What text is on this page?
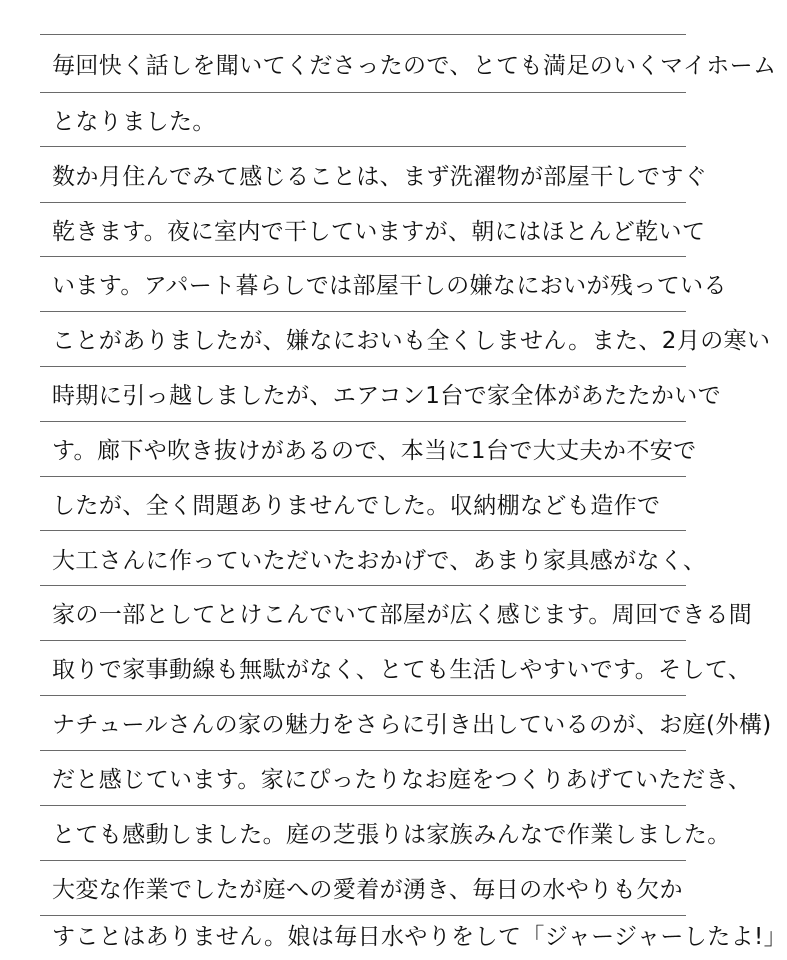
毎回快く話しを聞いてくださったので、とても満足のいくマイホーム
となりました。
数か月住んでみて感じることは、まず洗濯物が部屋干しですぐ
乾きます。夜に室内で干していますが、朝にはほとんど乾いて
います。アパート暮らしでは部屋干しの嫌なにおいが残っている
ことがありましたが、嫌なにおいも全くしません。また、2月の寒い
時期に引っ越しましたが、エアコン1台で家全体があたたかいで
す。廊下や吹き抜けがあるので、本当に1台で大丈夫か不安で
したが、全く問題ありませんでした。収納棚なども造作で
大工さんに作っていただいたおかげで、あまり家具感がなく、
家の一部としてとけこんでいて部屋が広く感じます。周回できる間
取りで家事動線も無駄がなく、とても生活しやすいです。そして、
ナチュールさんの家の魅力をさらに引き出しているのが、お庭(外構)
だと感じています。家にぴったりなお庭をつくりあげていただき、
とても感動しました。庭の芝張りは家族みんなで作業しました。
大変な作業でしたが庭への愛着が湧き、毎日の水やりも欠か
すことはありません。娘は毎日水やりをして「ジャージャーしたよ!」
